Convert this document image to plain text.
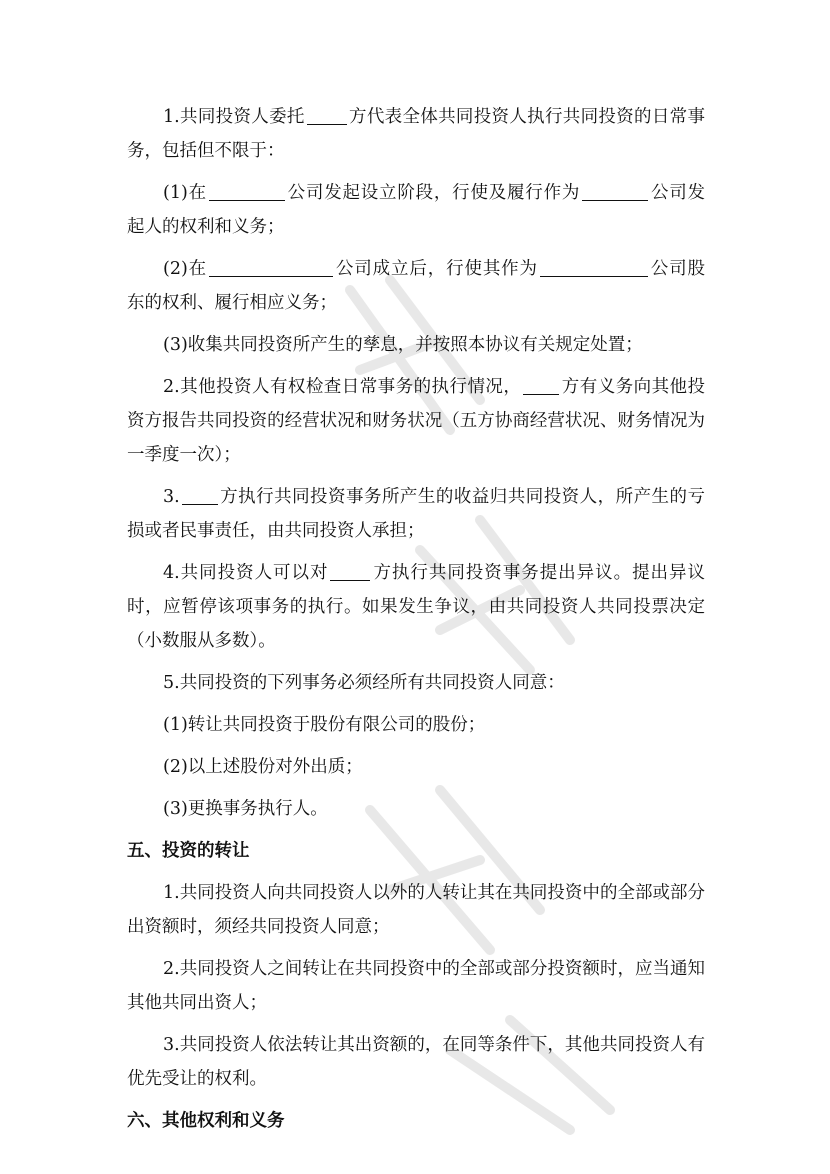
1.共同投资人委托	方代表全体共同投资人执行共同投资的日常事务，包括但不限于：

(1)在	公司发起设立阶段，行使及履行作为	公司发起人的权利和义务；

(2)在	公司成立后，行使其作为	公司股东的权利、履行相应义务；

(3)收集共同投资所产生的孳息，并按照本协议有关规定处置；

2.其他投资人有权检查日常事务的执行情况， 方有义务向其他投资方报告共同投资的经营状况和财务状况（五方协商经营状况、财务情况为一季度一次）；

3. 方执行共同投资事务所产生的收益归共同投资人，所产生的亏损或者民事责任，由共同投资人承担；

4.共同投资人可以对	方执行共同投资事务提出异议。提出异议时，应暂停该项事务的执行。如果发生争议，由共同投资人共同投票决定（小数服从多数）。

5.共同投资的下列事务必须经所有共同投资人同意：

(1)转让共同投资于股份有限公司的股份；

(2)以上述股份对外出质；

(3)更换事务执行人。

五、投资的转让

1.共同投资人向共同投资人以外的人转让其在共同投资中的全部或部分出资额时，须经共同投资人同意；

2.共同投资人之间转让在共同投资中的全部或部分投资额时，应当通知其他共同出资人；

3.共同投资人依法转让其出资额的，在同等条件下，其他共同投资人有优先受让的权利。

六、其他权利和义务
